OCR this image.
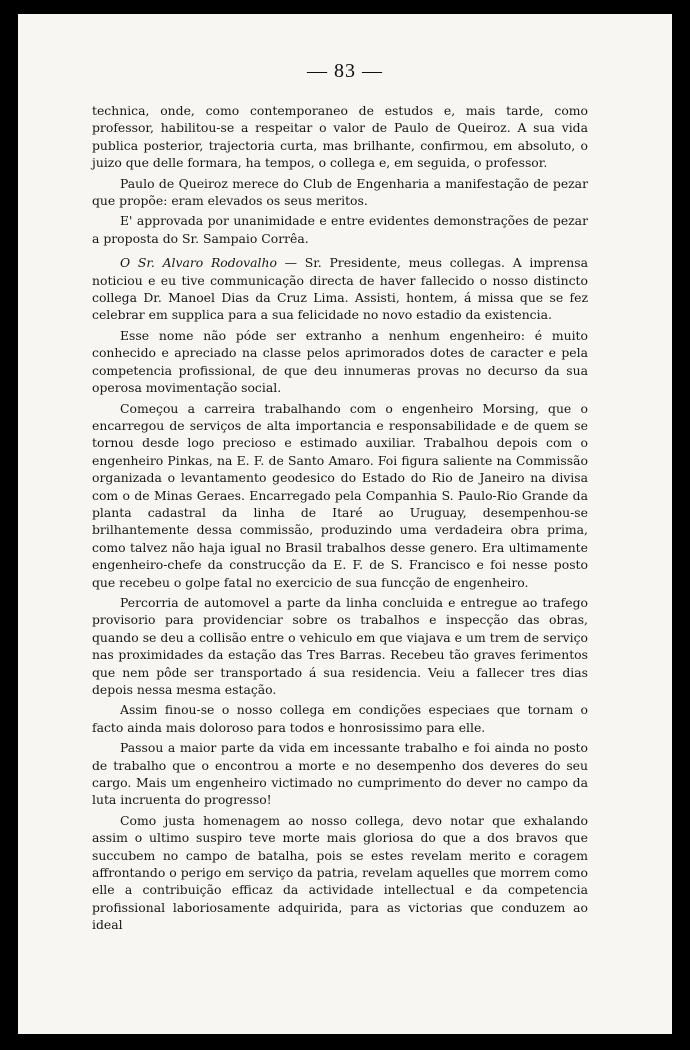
— 83 —

technica, onde, como contemporaneo de estudos e, mais tarde, como professor, habilitou-se a respeitar o valor de Paulo de Queiroz. A sua vida publica posterior, trajectoria curta, mas brilhante, confirmou, em absoluto, o juizo que delle formara, ha tempos, o collega e, em seguida, o professor.

Paulo de Queiroz merece do Club de Engenharia a manifestação de pezar que propõe: eram elevados os seus meritos.

E' approvada por unanimidade e entre evidentes demonstrações de pezar a proposta do Sr. Sampaio Corrêa.

O Sr. Alvaro Rodovalho — Sr. Presidente, meus collegas. A imprensa noticiou e eu tive communicação directa de haver fallecido o nosso distincto collega Dr. Manoel Dias da Cruz Lima. Assisti, hontem, á missa que se fez celebrar em supplica para a sua felicidade no novo estadio da existencia.

Esse nome não póde ser extranho a nenhum engenheiro: é muito conhecido e apreciado na classe pelos aprimorados dotes de caracter e pela competencia profissional, de que deu innumeras provas no decurso da sua operosa movimentação social.

Começou a carreira trabalhando com o engenheiro Morsing, que o encarregou de serviços de alta importancia e responsabilidade e de quem se tornou desde logo precioso e estimado auxiliar. Trabalhou depois com o engenheiro Pinkas, na E. F. de Santo Amaro. Foi figura saliente na Commissão organizada o levantamento geodesico do Estado do Rio de Janeiro na divisa com o de Minas Geraes. Encarregado pela Companhia S. Paulo-Rio Grande da planta cadastral da linha de Itaré ao Uruguay, desempenhou-se brilhantemente dessa commissão, produzindo uma verdadeira obra prima, como talvez não haja igual no Brasil trabalhos desse genero. Era ultimamente engenheiro-chefe da construcção da E. F. de S. Francisco e foi nesse posto que recebeu o golpe fatal no exercicio de sua funcção de engenheiro.

Percorria de automovel a parte da linha concluida e entregue ao trafego provisorio para providenciar sobre os trabalhos e inspecção das obras, quando se deu a collisão entre o vehiculo em que viajava e um trem de serviço nas proximidades da estação das Tres Barras. Recebeu tão graves ferimentos que nem pôde ser transportado á sua residencia. Veiu a fallecer tres dias depois nessa mesma estação.

Assim finou-se o nosso collega em condições especiaes que tornam o facto ainda mais doloroso para todos e honrosissimo para elle.

Passou a maior parte da vida em incessante trabalho e foi ainda no posto de trabalho que o encontrou a morte e no desempenho dos deveres do seu cargo. Mais um engenheiro victimado no cumprimento do dever no campo da luta incruenta do progresso!

Como justa homenagem ao nosso collega, devo notar que exhalando assim o ultimo suspiro teve morte mais gloriosa do que a dos bravos que succubem no campo de batalha, pois se estes revelam merito e coragem affrontando o perigo em serviço da patria, revelam aquelles que morrem como elle a contribuição efficaz da actividade intellectual e da competencia profissional laboriosamente adquirida, para as victorias que conduzem ao ideal
